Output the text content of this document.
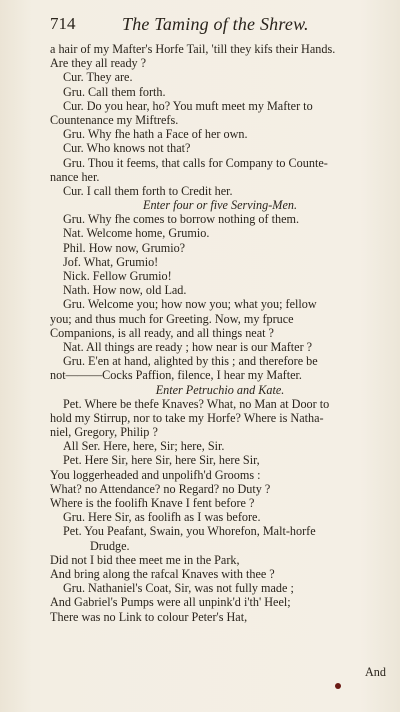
714	The Taming of the Shrew.
a hair of my Mafter's Horfe Tail, 'till they kifs their Hands.
Are they all ready ?
Cur. They are.
Gru. Call them forth.
Cur. Do you hear, ho? You muft meet my Mafter to
Countenance my Miftrefs.
Gru. Why fhe hath a Face of her own.
Cur. Who knows not that?
Gru. Thou it feems, that calls for Company to Counte-
nance her.
Cur. I call them forth to Credit her.
Enter four or five Serving-Men.
Gru. Why fhe comes to borrow nothing of them.
Nat. Welcome home, Grumio.
Phil. How now, Grumio?
Jof. What, Grumio!
Nick. Fellow Grumio!
Nath. How now, old Lad.
Gru. Welcome you; how now you; what you; fellow
you; and thus much for Greeting. Now, my fpruce
Companions, is all ready, and all things neat ?
Nat. All things are ready ; how near is our Mafter ?
Gru. E'en at hand, alighted by this ; and therefore be
not———Cocks Paffion, filence, I hear my Mafter.
Enter Petruchio and Kate.
Pet. Where be thefe Knaves? What, no Man at Door to
hold my Stirrup, nor to take my Horfe? Where is Natha-
niel, Gregory, Philip ?
All Ser. Here, here, Sir; here, Sir.
Pet. Here Sir, here Sir, here Sir, here Sir,
You loggerheaded and unpolifh'd Grooms :
What? no Attendance? no Regard? no Duty ?
Where is the foolifh Knave I fent before ?
Gru. Here Sir, as foolifh as I was before.
Pet. You Peafant, Swain, you Whorefon, Malt-horfe
Drudge.
Did not I bid thee meet me in the Park,
And bring along the rafcal Knaves with thee ?
Gru. Nathaniel's Coat, Sir, was not fully made ;
And Gabriel's Pumps were all unpink'd i'th' Heel;
There was no Link to colour Peter's Hat,
And
